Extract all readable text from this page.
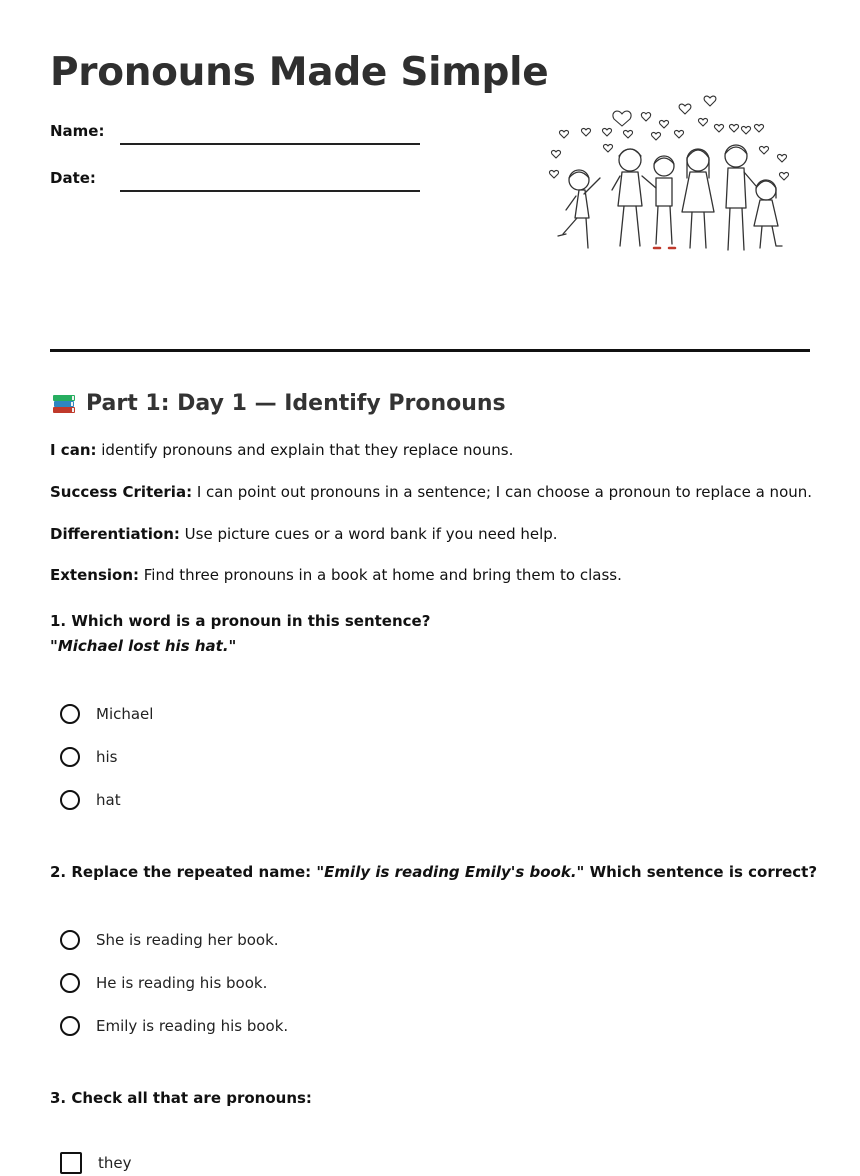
Pronouns Made Simple
Name:
Date:
Part 1: Day 1 — Identify Pronouns
I can: identify pronouns and explain that they replace nouns.
Success Criteria: I can point out pronouns in a sentence; I can choose a pronoun to replace a noun.
Differentiation: Use picture cues or a word bank if you need help.
Extension: Find three pronouns in a book at home and bring them to class.
1. Which word is a pronoun in this sentence?
"Michael lost his hat."
Michael
his
hat
2. Replace the repeated name: "Emily is reading Emily's book." Which sentence is correct?
She is reading her book.
He is reading his book.
Emily is reading his book.
3. Check all that are pronouns:
they
